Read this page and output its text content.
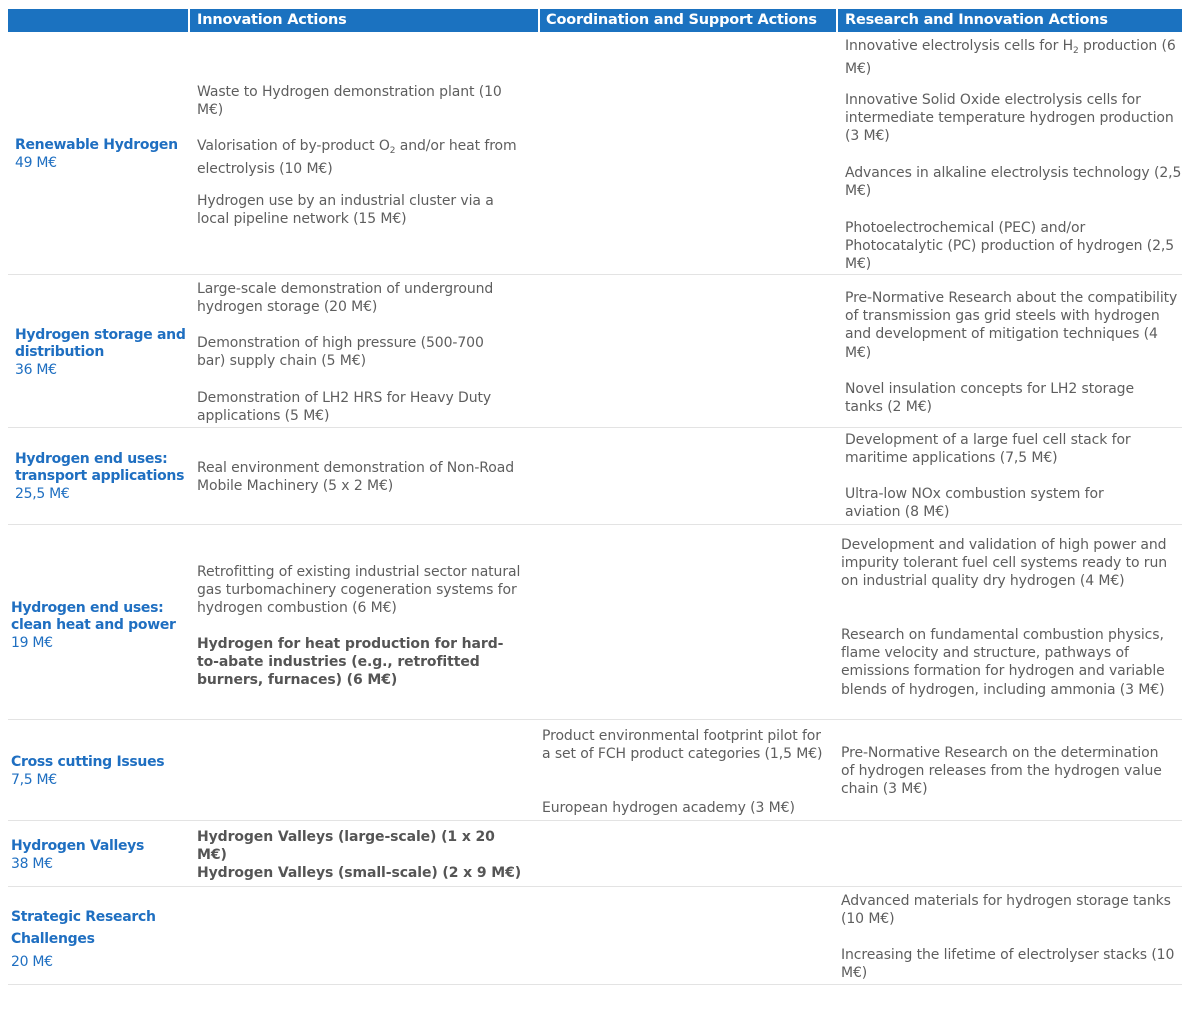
Innovation Actions	Coordination and Support Actions	Research and Innovation Actions
Renewable Hydrogen
49 M€
Waste to Hydrogen demonstration plant (10 M€)
Valorisation of by-product $O_2$ and/or heat from electrolysis (10 M€)
Hydrogen use by an industrial cluster via a local pipeline network (15 M€)
Innovative electrolysis cells for $H_2$ production (6 M€)
Innovative Solid Oxide electrolysis cells for intermediate temperature hydrogen production (3 M€)
Advances in alkaline electrolysis technology (2,5 M€)
Photoelectrochemical (PEC) and/or Photocatalytic (PC) production of hydrogen (2,5 M€)
Hydrogen storage and
distribution
36 M€
Large-scale demonstration of underground hydrogen storage (20 M€)
Demonstration of high pressure (500-700 bar) supply chain (5 M€)
Demonstration of LH2 HRS for Heavy Duty applications (5 M€)
Pre-Normative Research about the compatibility of transmission gas grid steels with hydrogen and development of mitigation techniques (4 M€)
Novel insulation concepts for LH2 storage tanks (2 M€)
Hydrogen end uses:
transport applications
25,5 M€
Real environment demonstration of Non-Road Mobile Machinery (5 x 2 M€)
Development of a large fuel cell stack for maritime applications (7,5 M€)
Ultra-low NOx combustion system for aviation (8 M€)
Hydrogen end uses:
clean heat and power
19 M€
Retrofitting of existing industrial sector natural gas turbomachinery cogeneration systems for hydrogen combustion (6 M€)
Hydrogen for heat production for hard-to-abate industries (e.g., retrofitted burners, furnaces) (6 M€)
Development and validation of high power and impurity tolerant fuel cell systems ready to run on industrial quality dry hydrogen (4 M€)
Research on fundamental combustion physics, flame velocity and structure, pathways of emissions formation for hydrogen and variable blends of hydrogen, including ammonia (3 M€)
Cross cutting Issues
7,5 M€
Product environmental footprint pilot for a set of FCH product categories (1,5 M€)
European hydrogen academy (3 M€)
Pre-Normative Research on the determination of hydrogen releases from the hydrogen value chain (3 M€)
Hydrogen Valleys
38 M€
Hydrogen Valleys (large-scale) (1 x 20 M€)
Hydrogen Valleys (small-scale) (2 x 9 M€)
Strategic Research
Challenges
20 M€
Advanced materials for hydrogen storage tanks (10 M€)
Increasing the lifetime of electrolyser stacks (10 M€)
